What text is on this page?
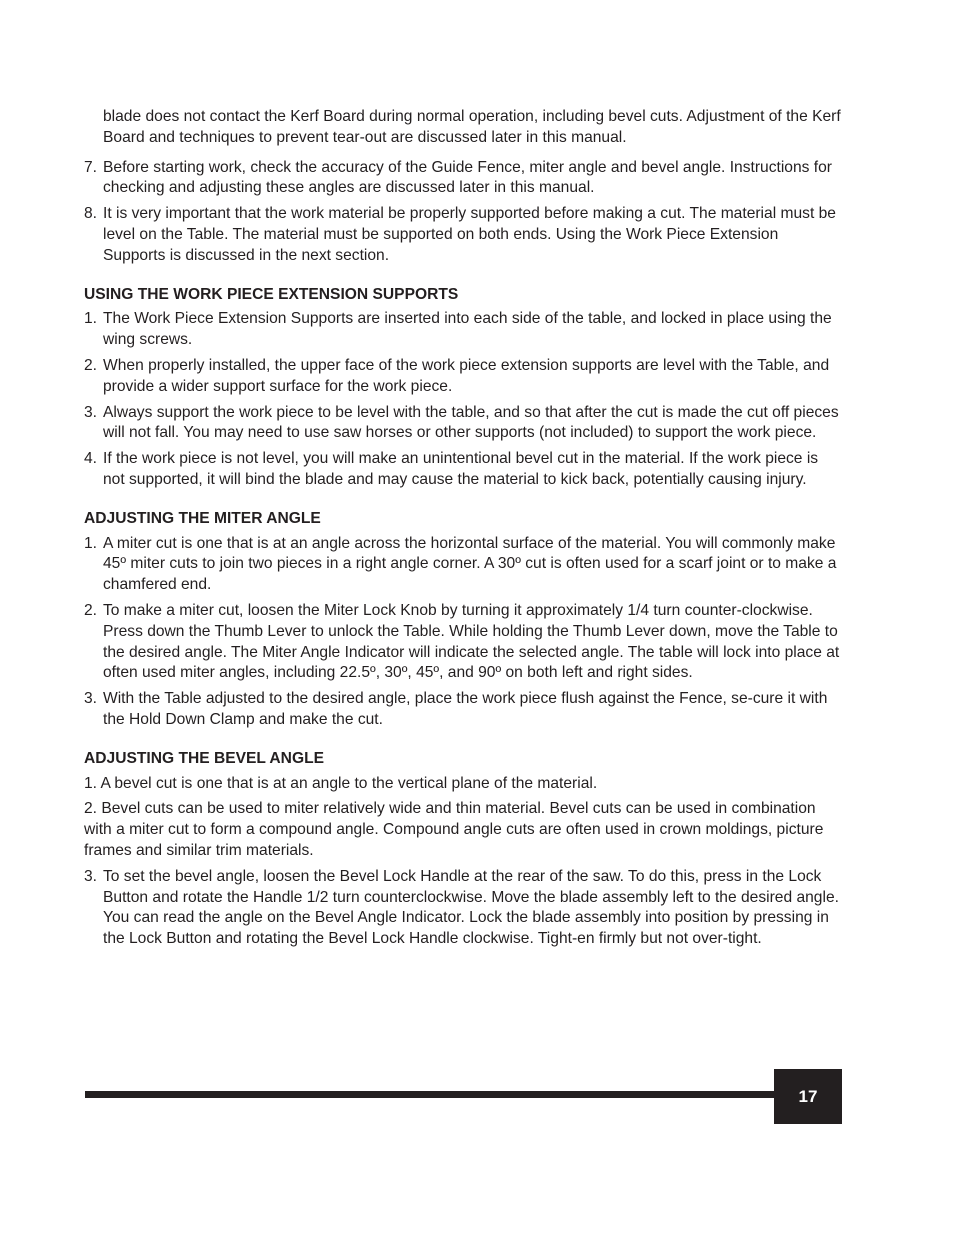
blade does not contact the Kerf Board during normal operation, including bevel cuts. Adjustment of the Kerf Board and techniques to prevent tear-out are discussed later in this manual.

7. Before starting work, check the accuracy of the Guide Fence, miter angle and bevel angle. Instructions for checking and adjusting these angles are discussed later in this manual.
8. It is very important that the work material be properly supported before making a cut. The material must be level on the Table. The material must be supported on both ends. Using the Work Piece Extension Supports is discussed in the next section.
USING THE WORK PIECE EXTENSION SUPPORTS
1. The Work Piece Extension Supports are inserted into each side of the table, and locked in place using the wing screws.
2. When properly installed, the upper face of the work piece extension supports are level with the Table, and provide a wider support surface for the work piece.
3. Always support the work piece to be level with the table, and so that after the cut is made the cut off pieces will not fall. You may need to use saw horses or other supports (not included) to support the work piece.
4. If the work piece is not level, you will make an unintentional bevel cut in the material. If the work piece is not supported, it will bind the blade and may cause the material to kick back, potentially causing injury.
ADJUSTING THE MITER ANGLE
1. A miter cut is one that is at an angle across the horizontal surface of the material. You will commonly make 45º miter cuts to join two pieces in a right angle corner. A 30º cut is often used for a scarf joint or to make a chamfered end.
2. To make a miter cut, loosen the Miter Lock Knob by turning it approximately 1/4 turn counter-clockwise. Press down the Thumb Lever to unlock the Table. While holding the Thumb Lever down, move the Table to the desired angle. The Miter Angle Indicator will indicate the selected angle. The table will lock into place at often used miter angles, including 22.5º, 30º, 45º, and 90º on both left and right sides.
3. With the Table adjusted to the desired angle, place the work piece flush against the Fence, se-cure it with the Hold Down Clamp and make the cut.
ADJUSTING THE BEVEL ANGLE

1. A bevel cut is one that is at an angle to the vertical plane of the material.

2. Bevel cuts can be used to miter relatively wide and thin material. Bevel cuts can be used in combination with a miter cut to form a compound angle. Compound angle cuts are often used in crown moldings, picture frames and similar trim materials.

3. To set the bevel angle, loosen the Bevel Lock Handle at the rear of the saw. To do this, press in the Lock Button and rotate the Handle 1/2 turn counterclockwise. Move the blade assembly left to the desired angle. You can read the angle on the Bevel Angle Indicator. Lock the blade assembly into position by pressing in the Lock Button and rotating the Bevel Lock Handle clockwise. Tight-en firmly but not over-tight.
17
